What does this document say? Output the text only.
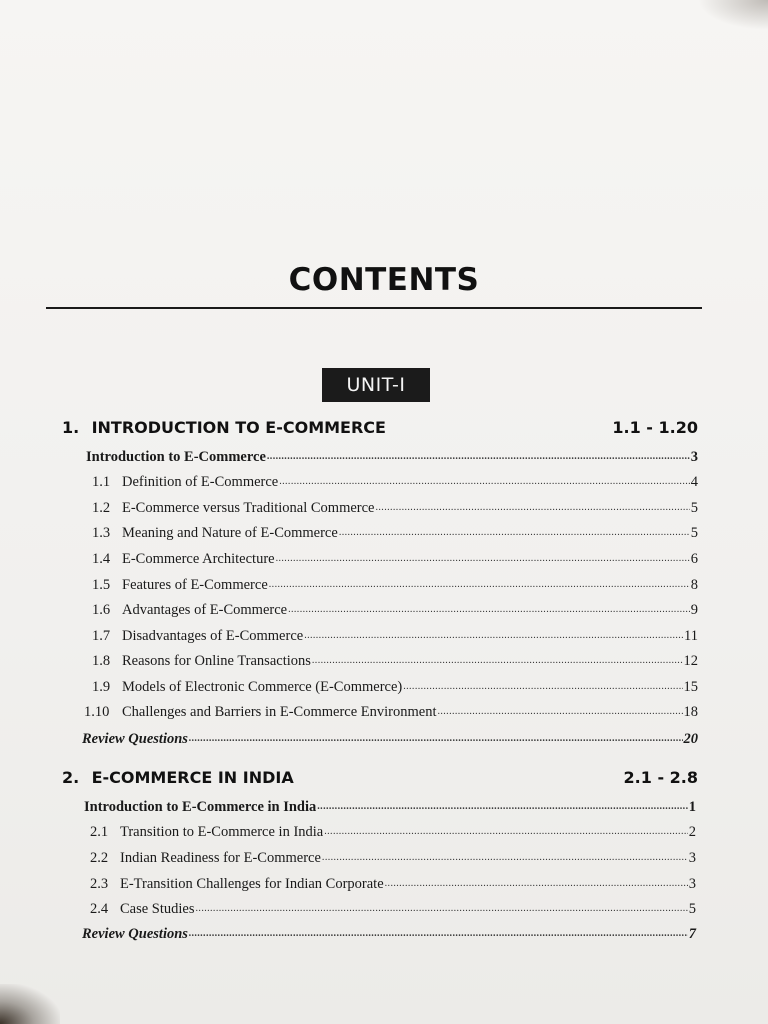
CONTENTS
UNIT-I
1. INTRODUCTION TO E-COMMERCE	1.1 - 1.20
Introduction to E-Commerce .....	3
1.1 Definition of E-Commerce .....	4
1.2 E-Commerce versus Traditional Commerce .....	5
1.3 Meaning and Nature of E-Commerce .....	5
1.4 E-Commerce Architecture .....	6
1.5 Features of E-Commerce .....	8
1.6 Advantages of E-Commerce .....	9
1.7 Disadvantages of E-Commerce .....	11
1.8 Reasons for Online Transactions .....	12
1.9 Models of Electronic Commerce (E-Commerce) .....	15
1.10 Challenges and Barriers in E-Commerce Environment .....	18
Review Questions .....	20
2. E-COMMERCE IN INDIA	2.1 - 2.8
Introduction to E-Commerce in India .....	1
2.1 Transition to E-Commerce in India .....	2
2.2 Indian Readiness for E-Commerce .....	3
2.3 E-Transition Challenges for Indian Corporate .....	3
2.4 Case Studies .....	5
Review Questions .....	7
